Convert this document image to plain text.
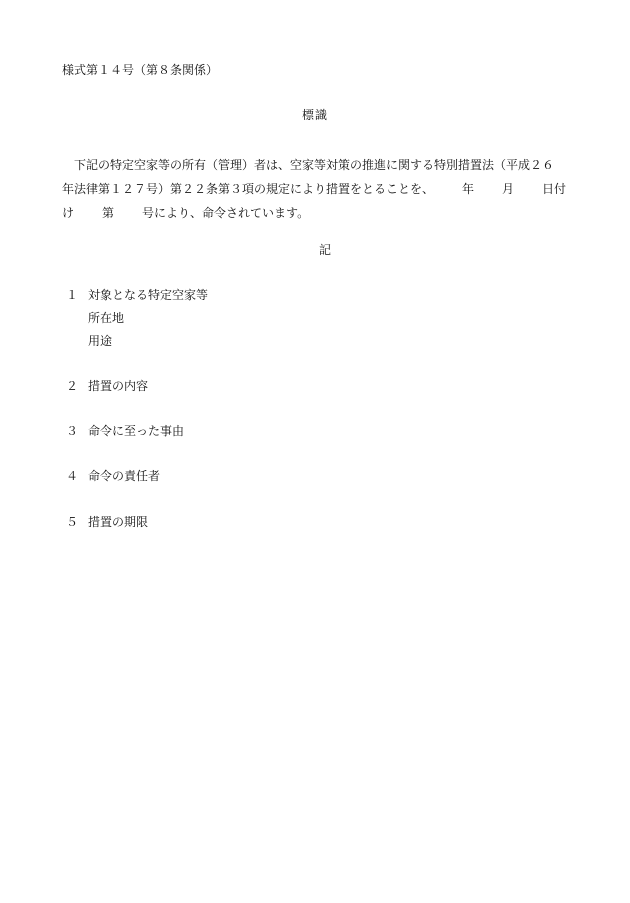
様式第１４号（第８条関係）
標識
下記の特定空家等の所有（管理）者は、空家等対策の推進に関する特別措置法（平成２６
年法律第１２７号）第２２条第３項の規定により措置をとることを、 年 月 日付
け 第 号により、命令されています。
記
１ 対象となる特定空家等
所在地
用途
２ 措置の内容
３ 命令に至った事由
４ 命令の責任者
５ 措置の期限
